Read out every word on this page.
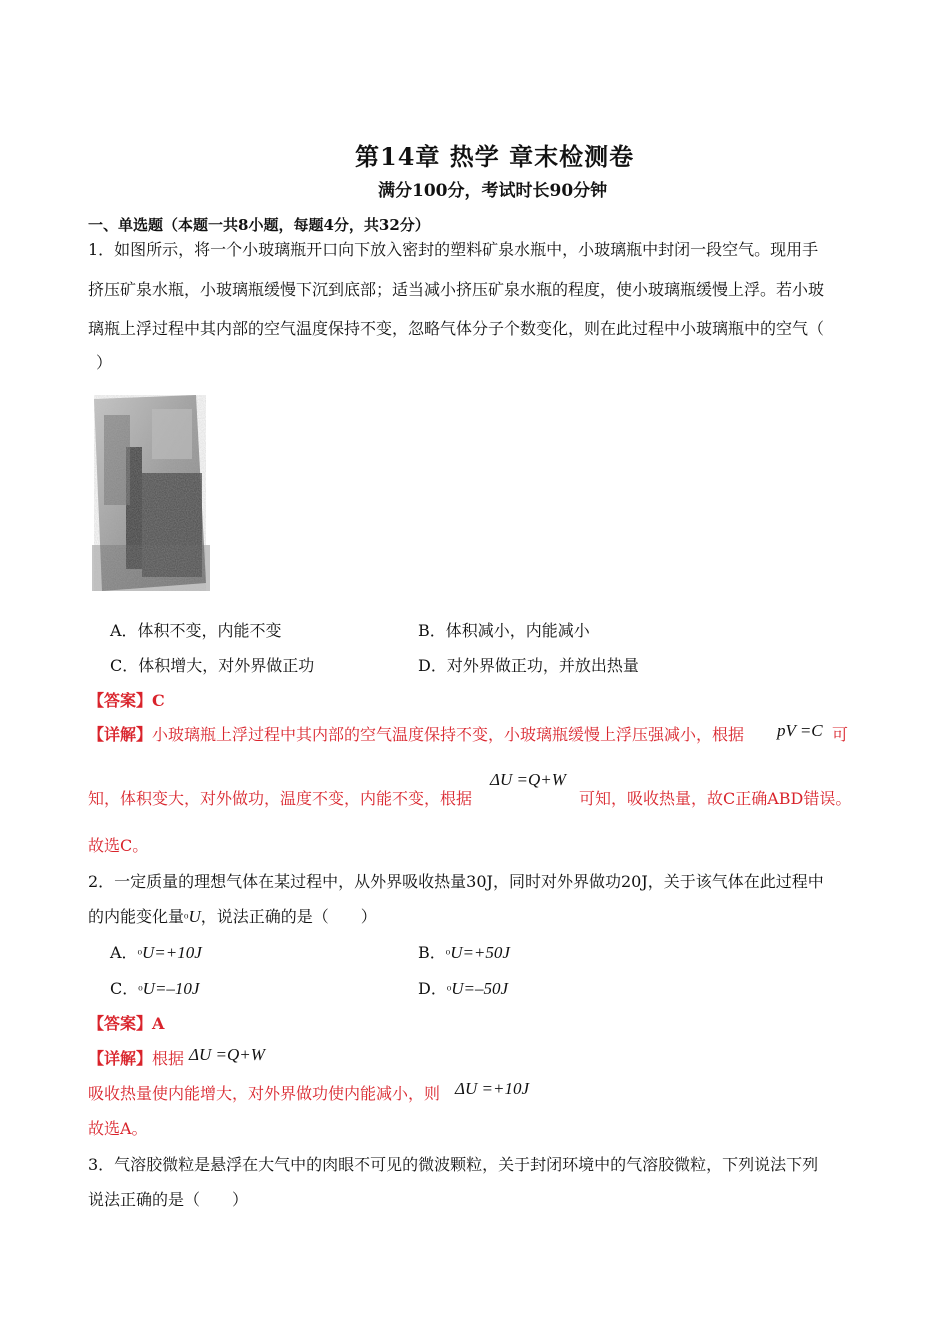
第14章 热学 章末检测卷
满分100分，考试时长90分钟
一、单选题（本题一共8小题，每题4分，共32分）
1．如图所示，将一个小玻璃瓶开口向下放入密封的塑料矿泉水瓶中，小玻璃瓶中封闭一段空气。现用手
挤压矿泉水瓶，小玻璃瓶缓慢下沉到底部；适当减小挤压矿泉水瓶的程度，使小玻璃瓶缓慢上浮。若小玻
璃瓶上浮过程中其内部的空气温度保持不变，忽略气体分子个数变化，则在此过程中小玻璃瓶中的空气（
）
A．体积不变，内能不变	B．体积减小，内能减小
C．体积增大，对外界做正功	D．对外界做正功，并放出热量
【答案】C
【详解】小玻璃瓶上浮过程中其内部的空气温度保持不变，小玻璃瓶缓慢上浮压强减小，根据 pV =C 可
知，体积变大，对外做功，温度不变，内能不变，根据
ΔU =Q+W
可知，吸收热量，故C正确ABD错误。
故选C。
2．一定质量的理想气体在某过程中，从外界吸收热量30J，同时对外界做功20J，关于该气体在此过程中
的内能变化量⁰U，说法正确的是（　　）
A．⁰U=+10J	B．⁰U=+50J
C．⁰U=–10J	D．⁰U=–50J
【答案】A
【详解】根据 ΔU =Q+W
吸收热量使内能增大，对外界做功使内能减小，则 ΔU =+10J
故选A。
3．气溶胶微粒是悬浮在大气中的肉眼不可见的微波颗粒，关于封闭环境中的气溶胶微粒，下列说法下列
说法正确的是（　　）
